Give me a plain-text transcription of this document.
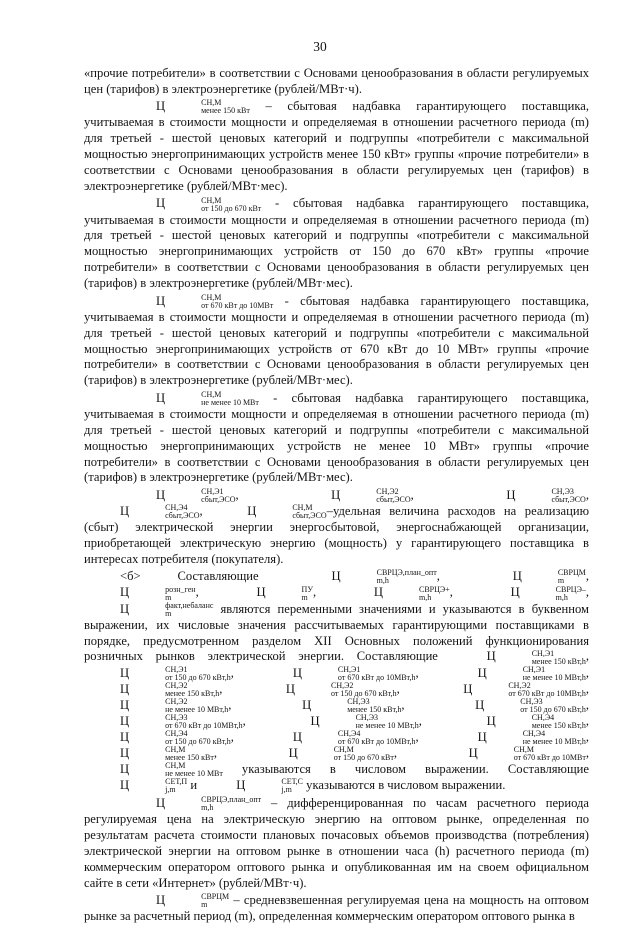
30

«прочие потребители» в соответствии с Основами ценообразования в области регулируемых цен (тарифов) в электроэнергетике (рублей/МВт·ч).

Ц	СН,М
менее 150 кВт – сбытовая надбавка гарантирующего поставщика, учитываемая в стоимости мощности и определяемая в отношении расчетного периода (m) для третьей - шестой ценовых категорий и подгруппы «потребители с максимальной мощностью энергопринимающих устройств менее 150 кВт» группы «прочие потребители» в соответствии с Основами ценообразования в области регулируемых цен (тарифов) в электроэнергетике (рублей/МВт·мес).

Ц	СН,М
от 150 до 670 кВт - сбытовая надбавка гарантирующего поставщика, учитываемая в стоимости мощности и определяемая в отношении расчетного периода (m) для третьей - шестой ценовых категорий и подгруппы «потребители с максимальной мощностью энергопринимающих устройств от 150 до 670 кВт» группы «прочие потребители» в соответствии с Основами ценообразования в области регулируемых цен (тарифов) в электроэнергетике (рублей/МВт·мес).

Ц	СН,М
от 670 кВт до 10МВт - сбытовая надбавка гарантирующего поставщика, учитываемая в стоимости мощности и определяемая в отношении расчетного периода (m) для третьей - шестой ценовых категорий и подгруппы «потребители с максимальной мощностью энергопринимающих устройств от 670 кВт до 10 МВт» группы «прочие потребители» в соответствии с Основами ценообразования в области регулируемых цен (тарифов) в электроэнергетике (рублей/МВт·мес).

Ц	СН,М
не менее 10 МВт - сбытовая надбавка гарантирующего поставщика, учитываемая в стоимости мощности и определяемая в отношении расчетного периода (m) для третьей - шестой ценовых категорий и подгруппы «потребители с максимальной мощностью энергопринимающих устройств не менее 10 МВт» группы «прочие потребители» в соответствии с Основами ценообразования в области регулируемых цен (тарифов) в электроэнергетике (рублей/МВт·мес).

Ц	СН,Э1
сбыт,ЭСО ,	Ц	СН,Э2
сбыт,ЭСО ,	Ц	СН,Э3
сбыт,ЭСО , Ц	СН,Э4
сбыт,ЭСО ,	Ц	СН,М
сбыт,ЭСО –удельная величина расходов на реализацию (сбыт) электрической энергии энергосбытовой, энергоснабжающей организации, приобретающей электрическую энергию (мощность) у гарантирующего поставщика в интересах потребителя (покупателя).

<б> Составляющие	Ц	СВРЦЭ,план_опт
m,h	,	Ц	СВРЦМ
m	, Ц	розн_ген
m	,	Ц	ПУ
m ,	Ц	СВРЦЭ+
m,h	,	Ц	СВРЦЭ–
m,h	, Ц	факт,небаланс
m	являются переменными значениями и указываются в буквенном выражении, их числовые значения рассчитываемых гарантирующими поставщиками в порядке, предусмотренном разделом XII Основных положений функционирования розничных рынков электрической энергии. Составляющие	Ц	СН,Э1
менее 150 кВт,h , Ц	СН,Э1
от 150 до 670 кВт,h ,	Ц	СН,Э1
от 670 кВт до 10МВт,h ,	Ц	СН,Э1
не менее 10 МВт,h , Ц	СН,Э2
менее 150 кВт,h ,	Ц	СН,Э2
от 150 до 670 кВт,h ,	Ц	СН,Э2
от 670 кВт до 10МВт,h , Ц	СН,Э2
не менее 10 МВт,h ,	Ц	СН,Э3
менее 150 кВт,h ,	Ц	СН,Э3
от 150 до 670 кВт,h , Ц	СН,Э3
от 670 кВт до 10МВт,h ,	Ц	СН,Э3
не менее 10 МВт,h ,	Ц	СН,Э4
менее 150 кВт,h , Ц	СН,Э4
от 150 до 670 кВт,h ,	Ц	СН,Э4
от 670 кВт до 10МВт,h ,	Ц	СН,Э4
не менее 10 МВт,h , Ц	СН,М
менее 150 кВт ,	Ц	СН,М
от 150 до 670 кВт ,	Ц	СН,М
от 670 кВт до 10МВт , Ц	СН,М
не менее 10 МВт указываются в числовом выражении. Составляющие Ц	СЕТ,П
j,m и	Ц	СЕТ,С
j,m указываются в числовом выражении.

Ц	СВРЦЭ,план_опт
m,h	– дифференцированная по часам расчетного периода регулируемая цена на электрическую энергию на оптовом рынке, определенная по результатам расчета стоимости плановых почасовых объемов производства (потребления) электрической энергии на оптовом рынке в отношении часа (h) расчетного периода (m) коммерческим оператором оптового рынка и опубликованная им на своем официальном сайте в сети «Интернет» (рублей/МВт·ч).

Ц	СВРЦМ
m	– средневзвешенная регулируемая цена на мощность на оптовом рынке за расчетный период (m), определенная коммерческим оператором оптового рынка в
